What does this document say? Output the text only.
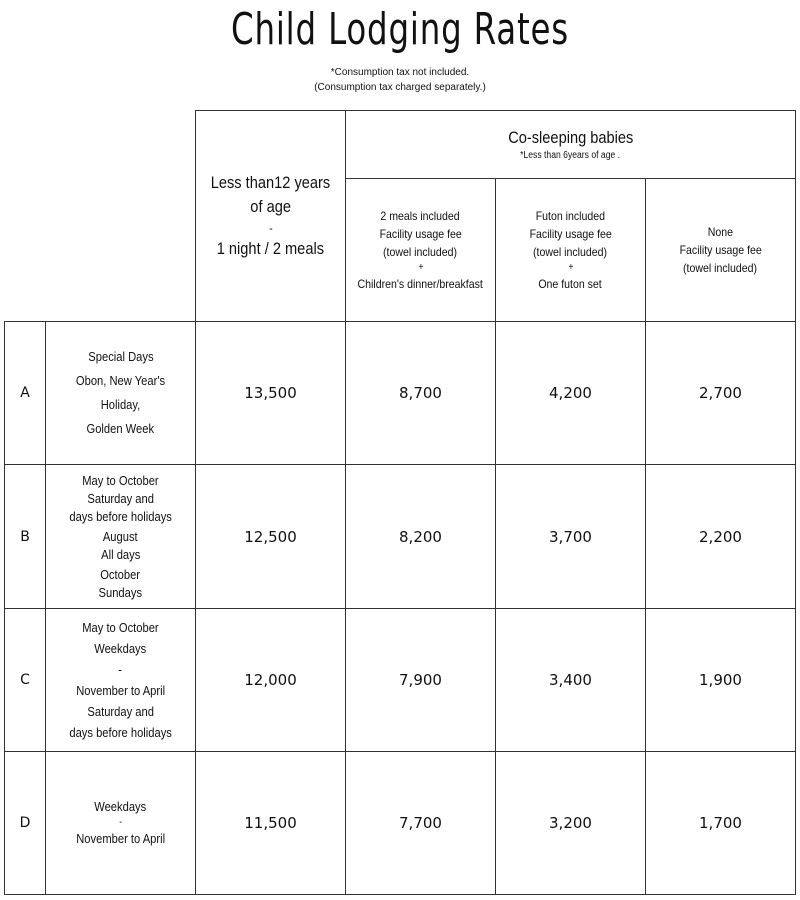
Child Lodging Rates
*Consumption tax not included.
(Consumption tax charged separately.)
Less than12 years
of age
-
1 night / 2 meals
Co-sleeping babies
*Less than 6years of age .
2 meals included
Facility usage fee
(towel included)
+
Children's dinner/breakfast
Futon included
Facility usage fee
(towel included)
+
One futon set
None
Facility usage fee
(towel included)
A
Special Days
Obon, New Year's Holiday,
Golden Week
13,500	8,700	4,200	2,700
B
May to October
Saturday and
days before holidays
August
All days
October
Sundays
12,500	8,200	3,700	2,200
C
May to October
Weekdays
-
November to April
Saturday and
days before holidays
12,000	7,900	3,400	1,900
D
Weekdays
-
November to April
11,500	7,700	3,200	1,700
